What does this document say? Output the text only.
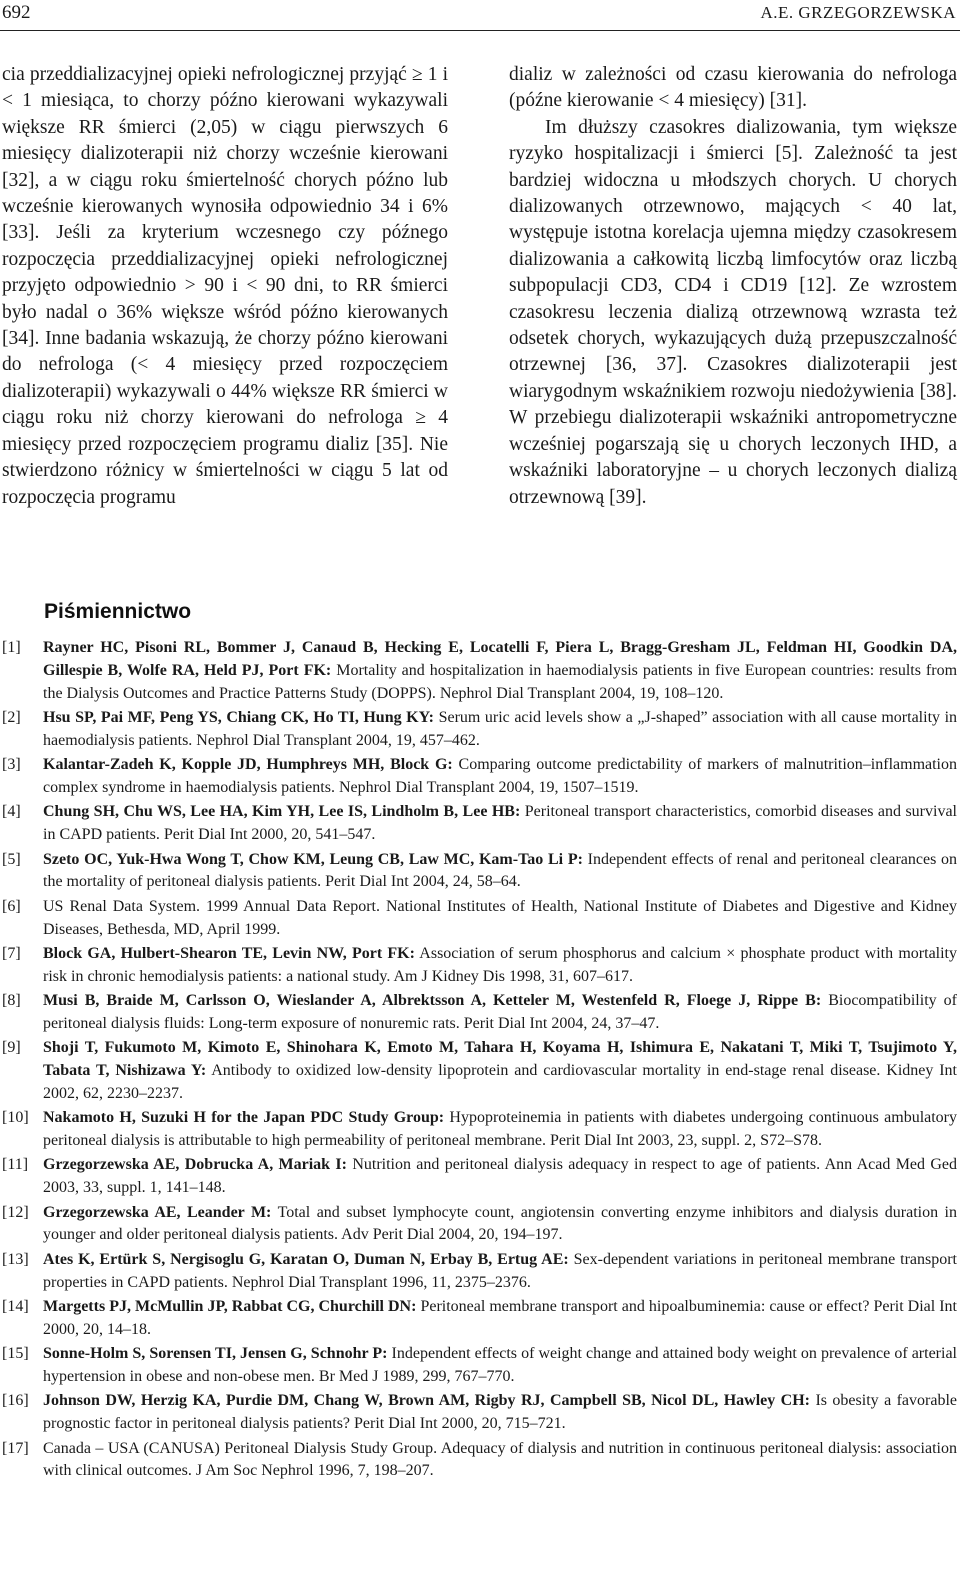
692	A.E. GRZEGORZEWSKA

cia przeddializacyjnej opieki nefrologicznej przyjąć ≥ 1 i < 1 miesiąca, to chorzy późno kierowani wykazywali większe RR śmierci (2,05) w ciągu pierwszych 6 miesięcy dializoterapii niż chorzy wcześnie kierowani [32], a w ciągu roku śmiertelność chorych późno lub wcześnie kierowanych wynosiła odpowiednio 34 i 6% [33]. Jeśli za kryterium wczesnego czy późnego rozpoczęcia przeddializacyjnej opieki nefrologicznej przyjęto odpowiednio > 90 i < 90 dni, to RR śmierci było nadal o 36% większe wśród późno kierowanych [34]. Inne badania wskazują, że chorzy późno kierowani do nefrologa (< 4 miesięcy przed rozpoczęciem dializoterapii) wykazywali o 44% większe RR śmierci w ciągu roku niż chorzy kierowani do nefrologa ≥ 4 miesięcy przed rozpoczęciem programu dializ [35]. Nie stwierdzono różnicy w śmiertelności w ciągu 5 lat od rozpoczęcia programu

dializ w zależności od czasu kierowania do nefrologa (późne kierowanie < 4 miesięcy) [31].

Im dłuższy czasokres dializowania, tym większe ryzyko hospitalizacji i śmierci [5]. Zależność ta jest bardziej widoczna u młodszych chorych. U chorych dializowanych otrzewnowo, mających < 40 lat, występuje istotna korelacja ujemna między czasokresem dializowania a całkowitą liczbą limfocytów oraz liczbą subpopulacji CD3, CD4 i CD19 [12]. Ze wzrostem czasokresu leczenia dializą otrzewnową wzrasta też odsetek chorych, wykazujących dużą przepuszczalność otrzewnej [36, 37]. Czasokres dializoterapii jest wiarygodnym wskaźnikiem rozwoju niedożywienia [38]. W przebiegu dializoterapii wskaźniki antropometryczne wcześniej pogarszają się u chorych leczonych IHD, a wskaźniki laboratoryjne – u chorych leczonych dializą otrzewnową [39].

Piśmiennictwo
[1]	Rayner HC, Pisoni RL, Bommer J, Canaud B, Hecking E, Locatelli F, Piera L, Bragg-Gresham JL, Feldman HI, Goodkin DA, Gillespie B, Wolfe RA, Held PJ, Port FK: Mortality and hospitalization in haemodialysis patients in five European countries: results from the Dialysis Outcomes and Practice Patterns Study (DOPPS). Nephrol Dial Transplant 2004, 19, 108–120.
[2]	Hsu SP, Pai MF, Peng YS, Chiang CK, Ho TI, Hung KY: Serum uric acid levels show a „J-shaped” association with all cause mortality in haemodialysis patients. Nephrol Dial Transplant 2004, 19, 457–462.
[3]	Kalantar-Zadeh K, Kopple JD, Humphreys MH, Block G: Comparing outcome predictability of markers of malnutrition–inflammation complex syndrome in haemodialysis patients. Nephrol Dial Transplant 2004, 19, 1507–1519.
[4]	Chung SH, Chu WS, Lee HA, Kim YH, Lee IS, Lindholm B, Lee HB: Peritoneal transport characteristics, comorbid diseases and survival in CAPD patients. Perit Dial Int 2000, 20, 541–547.
[5]	Szeto OC, Yuk-Hwa Wong T, Chow KM, Leung CB, Law MC, Kam-Tao Li P: Independent effects of renal and peritoneal clearances on the mortality of peritoneal dialysis patients. Perit Dial Int 2004, 24, 58–64.
[6]	US Renal Data System. 1999 Annual Data Report. National Institutes of Health, National Institute of Diabetes and Digestive and Kidney Diseases, Bethesda, MD, April 1999.
[7]	Block GA, Hulbert-Shearon TE, Levin NW, Port FK: Association of serum phosphorus and calcium × phosphate product with mortality risk in chronic hemodialysis patients: a national study. Am J Kidney Dis 1998, 31, 607–617.
[8]	Musi B, Braide M, Carlsson O, Wieslander A, Albrektsson A, Ketteler M, Westenfeld R, Floege J, Rippe B: Biocompatibility of peritoneal dialysis fluids: Long-term exposure of nonuremic rats. Perit Dial Int 2004, 24, 37–47.
[9]	Shoji T, Fukumoto M, Kimoto E, Shinohara K, Emoto M, Tahara H, Koyama H, Ishimura E, Nakatani T, Miki T, Tsujimoto Y, Tabata T, Nishizawa Y: Antibody to oxidized low-density lipoprotein and cardiovascular mortality in end-stage renal disease. Kidney Int 2002, 62, 2230–2237.
[10] Nakamoto H, Suzuki H for the Japan PDC Study Group: Hypoproteinemia in patients with diabetes undergoing continuous ambulatory peritoneal dialysis is attributable to high permeability of peritoneal membrane. Perit Dial Int 2003, 23, suppl. 2, S72–S78.
[11] Grzegorzewska AE, Dobrucka A, Mariak I: Nutrition and peritoneal dialysis adequacy in respect to age of patients. Ann Acad Med Ged 2003, 33, suppl. 1, 141–148.
[12] Grzegorzewska AE, Leander M: Total and subset lymphocyte count, angiotensin converting enzyme inhibitors and dialysis duration in younger and older peritoneal dialysis patients. Adv Perit Dial 2004, 20, 194–197.
[13] Ates K, Ertürk S, Nergisoglu G, Karatan O, Duman N, Erbay B, Ertug AE: Sex-dependent variations in peritoneal membrane transport properties in CAPD patients. Nephrol Dial Transplant 1996, 11, 2375–2376.
[14] Margetts PJ, McMullin JP, Rabbat CG, Churchill DN: Peritoneal membrane transport and hipoalbuminemia: cause or effect? Perit Dial Int 2000, 20, 14–18.
[15] Sonne-Holm S, Sorensen TI, Jensen G, Schnohr P: Independent effects of weight change and attained body weight on prevalence of arterial hypertension in obese and non-obese men. Br Med J 1989, 299, 767–770.
[16] Johnson DW, Herzig KA, Purdie DM, Chang W, Brown AM, Rigby RJ, Campbell SB, Nicol DL, Hawley CH: Is obesity a favorable prognostic factor in peritoneal dialysis patients? Perit Dial Int 2000, 20, 715–721.
[17] Canada – USA (CANUSA) Peritoneal Dialysis Study Group. Adequacy of dialysis and nutrition in continuous peritoneal dialysis: association with clinical outcomes. J Am Soc Nephrol 1996, 7, 198–207.
